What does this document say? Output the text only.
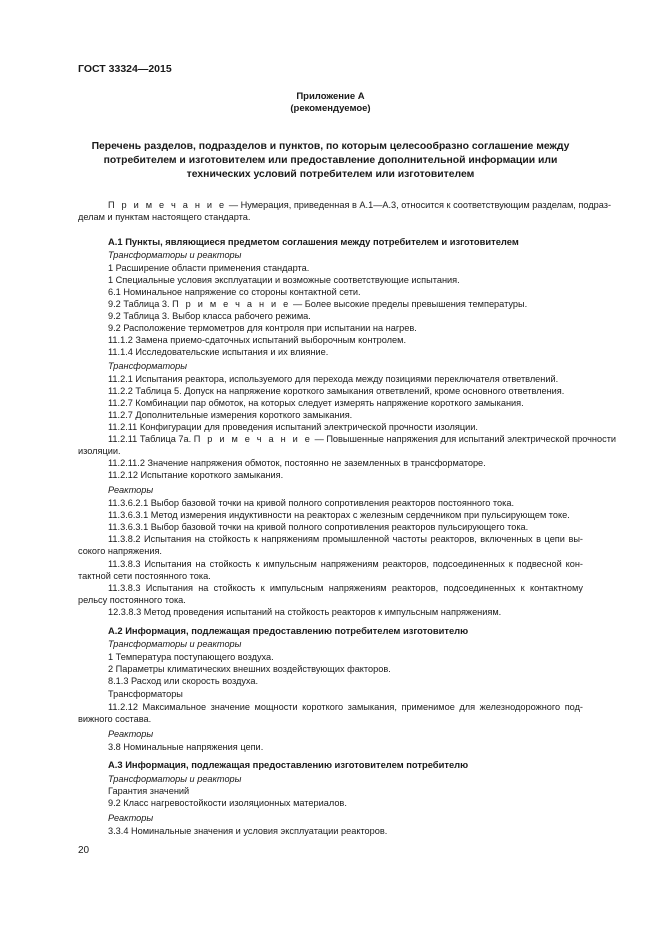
ГОСТ 33324—2015
Приложение А
(рекомендуемое)
Перечень разделов, подразделов и пунктов, по которым целесообразно соглашение между
потребителем и изготовителем или предоставление дополнительной информации или
технических условий потребителем или изготовителем
П р и м е ч а н и е — Нумерация, приведенная в А.1—А.3, относится к соответствующим разделам, подраз-
делам и пунктам настоящего стандарта.
А.1 Пункты, являющиеся предметом соглашения между потребителем и изготовителем
Трансформаторы и реакторы
1 Расширение области применения стандарта.
1 Специальные условия эксплуатации и возможные соответствующие испытания.
6.1 Номинальное напряжение со стороны контактной сети.
9.2 Таблица 3. П р и м е ч а н и е — Более высокие пределы превышения температуры.
9.2 Таблица 3. Выбор класса рабочего режима.
9.2 Расположение термометров для контроля при испытании на нагрев.
11.1.2 Замена приемо-сдаточных испытаний выборочным контролем.
11.1.4 Исследовательские испытания и их влияние.
Трансформаторы
11.2.1 Испытания реактора, используемого для перехода между позициями переключателя ответвлений.
11.2.2 Таблица 5. Допуск на напряжение короткого замыкания ответвлений, кроме основного ответвления.
11.2.7 Комбинации пар обмоток, на которых следует измерять напряжение короткого замыкания.
11.2.7 Дополнительные измерения короткого замыкания.
11.2.11 Конфигурации для проведения испытаний электрической прочности изоляции.
11.2.11 Таблица 7а. П р и м е ч а н и е — Повышенные напряжения для испытаний электрической прочности
изоляции.
11.2.11.2 Значение напряжения обмоток, постоянно не заземленных в трансформаторе.
11.2.12 Испытание короткого замыкания.
Реакторы
11.3.6.2.1 Выбор базовой точки на кривой полного сопротивления реакторов постоянного тока.
11.3.6.3.1 Метод измерения индуктивности на реакторах с железным сердечником при пульсирующем токе.
11.3.6.3.1 Выбор базовой точки на кривой полного сопротивления реакторов пульсирующего тока.
11.3.8.2 Испытания на стойкость к напряжениям промышленной частоты реакторов, включенных в цепи вы-
сокого напряжения.
11.3.8.3 Испытания на стойкость к импульсным напряжениям реакторов, подсоединенных к подвесной кон-
тактной сети постоянного тока.
11.3.8.3 Испытания на стойкость к импульсным напряжениям реакторов, подсоединенных к контактному
рельсу постоянного тока.
12.3.8.3 Метод проведения испытаний на стойкость реакторов к импульсным напряжениям.
А.2 Информация, подлежащая предоставлению потребителем изготовителю
Трансформаторы и реакторы
1 Температура поступающего воздуха.
2 Параметры климатических внешних воздействующих факторов.
8.1.3 Расход или скорость воздуха.
Трансформаторы
11.2.12 Максимальное значение мощности короткого замыкания, применимое для железнодорожного под-
вижного состава.
Реакторы
3.8 Номинальные напряжения цепи.
А.3 Информация, подлежащая предоставлению изготовителем потребителю
Трансформаторы и реакторы
Гарантия значений
9.2 Класс нагревостойкости изоляционных материалов.
Реакторы
3.3.4 Номинальные значения и условия эксплуатации реакторов.
20
